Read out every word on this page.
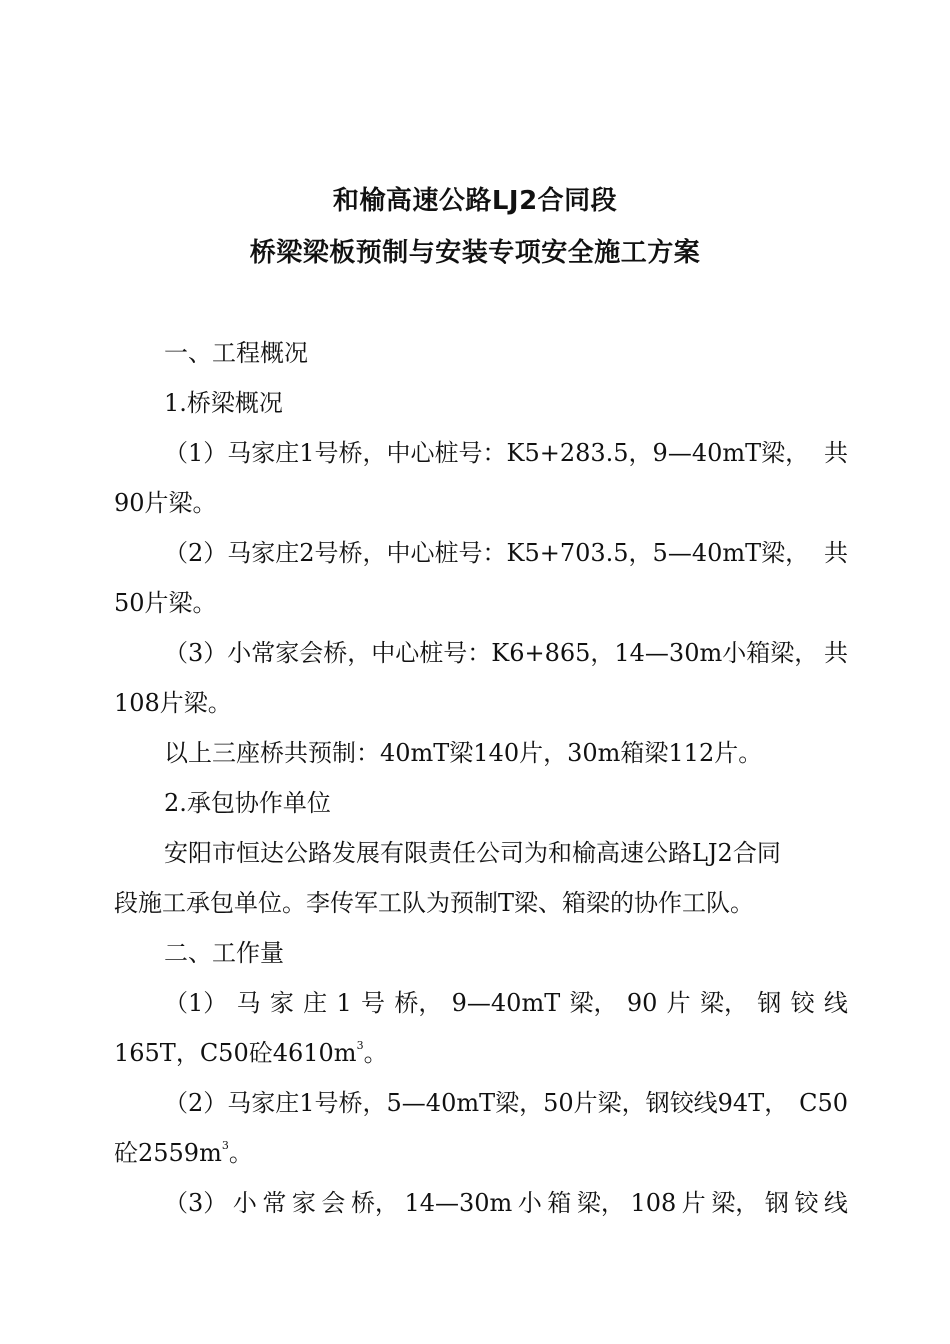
和榆高速公路LJ2合同段
桥梁梁板预制与安装专项安全施工方案

一、工程概况

1.桥梁概况

（1）马家庄1号桥，中心桩号：K5+283.5，9—40mT梁， 共
90片梁。
（2）马家庄2号桥，中心桩号：K5+703.5，5—40mT梁， 共
50片梁。
（3）小常家会桥，中心桩号：K6+865，14—30m小箱梁， 共
108片梁。

以上三座桥共预制：40mT梁140片，30m箱梁112片。

2.承包协作单位

安阳市恒达公路发展有限责任公司为和榆高速公路LJ2合同
段施工承包单位。李传军工队为预制T梁、箱梁的协作工队。

二、工作量

（1） 马 家 庄 1 号 桥， 9—40mT 梁， 90 片 梁， 钢 铰 线
165T，C50砼$4610m^3$。
（2）马家庄1号桥，5—40mT梁，50片梁，钢铰线94T， C50
砼$2559m^3$。
（3） 小 常 家 会 桥， 14—30m 小 箱 梁， 108 片 梁， 钢 铰 线
